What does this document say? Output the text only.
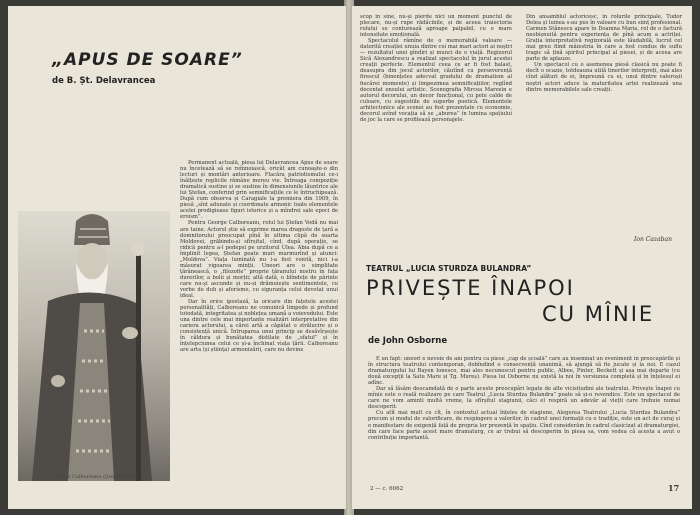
„APUS DE SOARE”
de B. Șt. Delavrancea

Permanent actuală, piesa lui Delavrancea Apus de soare nu încetează să se reînnoiască, oricât am cunoaște-o din lecturi și montări anterioare. Flacăra patriotismului ce-i înălțește replicile rămâne mereu vie. Întreaga compoziție dramatică sustine și se sustine în dimensiunile lăuntrice ale lui Ștefan, conferind prin semnificațiile ce le întruchipează. După cum observa și Caragiale la premiera din 1909, în piesă „sînt adunate și coordonate armonic toate elementele acelei prodigioase figuri istorice și a mîndrei sale epoci de eroism”.

Pentru George Calboreanu, rolul lui Ștefan Vodă nu mai are taine. Actorul știe să exprime marea dragoste de țară a domnitorului preocupat pînă în ultima clipă de soarta Moldovei, grăbindu-și sfîrșitul, cînd, după operație, se ridică pentru a-l pedepsi pe urzitorul Ulea. Abia după ce a împlinit legea, Ștefan poate muri murmurînd și atunci: „Moldova”. Viața luminată nu i-a fost voiotă, nici i-a măsurat vigoarea minții. Uneori are o simplitate țărănească, o „filozofie” proprie țăranului nostru în fața durerilor, a bolii și morții; altă dată, o blîndețe de părinte care nu-și ascunde și nu-și drămuiește sentimentele, cu vorbe de duh și aforisme, cu siguranța celui devotat unui ideal.

Dar în orice ipostază, la oricare din fațetele acestei personalități, Calboreanu ne comunică limpede și profund totodată, integritatea și noblețea umană a voievodului. Este una dintre cele mai importante realizări interpretative din cariera actorului, a cărei artă a căpătat o strălucire și o consistență unică. Întruparea unui princip se desăvîrșește în căldura și bunătatea distilate de „sfatul” și în înțelepciunea celui ce și-a închinat viața țării. Calboreanu are arta (și știința) armonizării, care nu devine

George Calboreanu (Ștefan Vodă)

scop în sine, nu-și pierde nici un moment punctul de plecare, nu-și rupe rădăcinile, și de aceea traiectoria rolului se conturează aproape palpabil, cu o mare intensitate emoțională.

Spectacolul rămîne de o memorabilă valoare — datorită creației unuia dintre cei mai mari actori ai noștri — rezultatul unei gîndiri și munci de o viață. Regizorul Sică Alexandrescu a realizat spectacolul în jurul acestei creații perfecte. Elementul ceea ce ar fi fost balast, deasupra din jocul actorilor, căutînd cu perseverență firescul (binențeles adecvat gradului de dramatism al fiecărei momente) și limpezimea semnificațiilor, reglînd decentat ensului artistic. Scenografia Mircea Marosin e autorul decorului, un decor funcțional, cu pete calde de culoare, cu sugestiile de superbe poetică. Elementele arhitectonice ale scenei au fost prezentate cu economie, decorul avînd vocația să se „aburea” în lumina spațiului de joc la care se profilează personajele.

Din ansamblul actoricesc, în rolurile principale, Tudor Delea și lumea s-au pus în valoare cu bun simț profesional. Carmen Stănescu apare în Doamna Maria, rol de o factură neobișnuită pentru experiența de pînă acum a actriței. Grația interpretativă regizorală este lăudabilă, lucrul cel mai greu fiind măiestria în care a fost condus de suflu tragic să țină spiritul principal al piesei, și de aceea are parte de aplauze.

Un spectacol cu o asemenea piesă clasică nu poate fi decît o ocazie, totdeauna utilă tinerilor interpreți, mai ales cînd alături de ei, împreună cu ei, unul dintre valoroșii noștri actori aduce la maturitatea artei realizează una dintre memorabilele sale creații.

Ion Cazaban
TEATRUL „LUCIA STURDZA BULANDRA”
PRIVEȘTE ÎNAPOI
CU MÎNIE
de John Osborne

E un fapt: uneori e nevoie de ani pentru ca piese „cap de școală” care au însemnat un eveniment în preocupările și în structura teatrului contemporan, dobîndind o consecvență unanimă, să ajungă să fie jucate și la noi. E cazul dramaturgului lui Bayen Ionesco, mai ales necunoscut pentru public, Albee, Pinter, Beckett și așa mai departe (cu două excepții la Satu Mare și Tg. Mureș). Piesa lui Osborne nu există la noi în versiunea completă și în înțelesul ei adînc.

Dar să lăsăm deocamdată de o parte aceste preocupări legate de alte vicisitudini ale teatrului. Privește înapoi cu mînie este o reală realizare pe care Teatrul „Lucia Sturdza Bulandra” poate să și-o revendice. Este un spectacol de care ne vom aminti multă vreme, la sfîrșitul stagiunii, căci el respiră un adevăr al vieții care trebuie numai descoperit.

Cu atît mai mult cu cît, în contextul actual înțeles de stagiune, Alegerea Teatrului „Lucia Sturdza Bulandra” precum și modul de valorificare, de respingere a valorilor, în cadrul unei formații cu o tradiție, este un act de curaj și o manifestare de exigență față de propria lor prezență în spațiu. Cînd considerăm în cadrul clasicizat al dramaturgiei, din care face parte acest mare dramaturg, ce ar trebui să descoperim în piesa sa, vom vedea că acesta a avut o contribuție importantă.

2 — c. 6062	17
